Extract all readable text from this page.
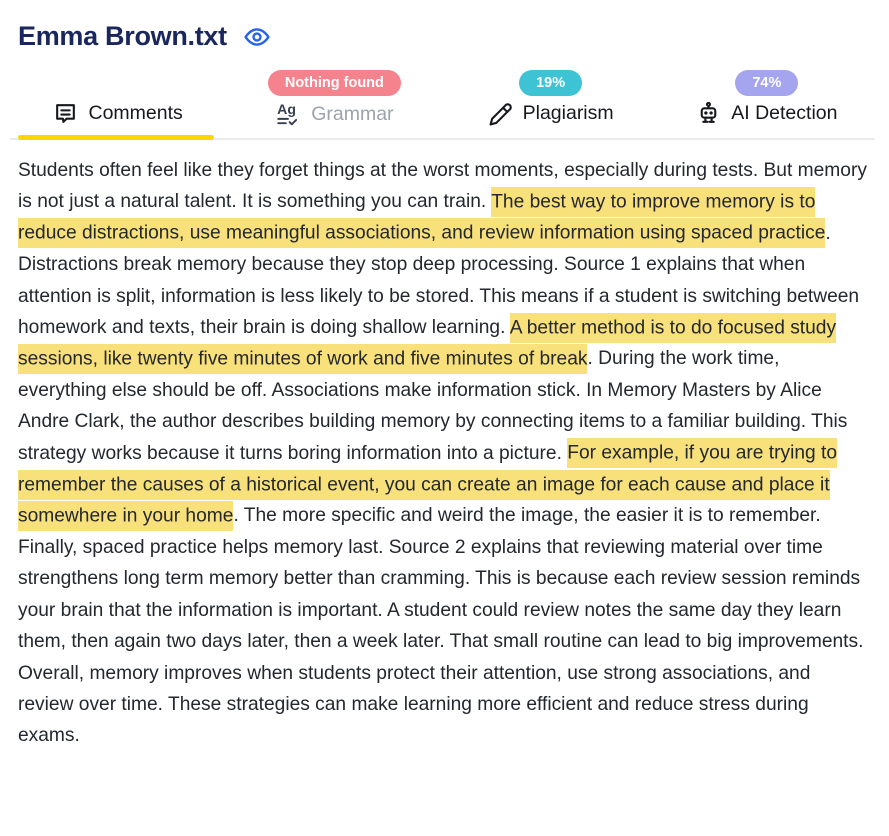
Emma Brown.txt
Comments
Nothing found
Ag Grammar
19%
Plagiarism
74%
AI Detection

Students often feel like they forget things at the worst moments, especially during tests. But memory is not just a natural talent. It is something you can train. The best way to improve memory is to reduce distractions, use meaningful associations, and review information using spaced practice. Distractions break memory because they stop deep processing. Source 1 explains that when attention is split, information is less likely to be stored. This means if a student is switching between homework and texts, their brain is doing shallow learning. A better method is to do focused study sessions, like twenty five minutes of work and five minutes of break. During the work time, everything else should be off. Associations make information stick. In Memory Masters by Alice Andre Clark, the author describes building memory by connecting items to a familiar building. This strategy works because it turns boring information into a picture. For example, if you are trying to remember the causes of a historical event, you can create an image for each cause and place it somewhere in your home. The more specific and weird the image, the easier it is to remember. Finally, spaced practice helps memory last. Source 2 explains that reviewing material over time strengthens long term memory better than cramming. This is because each review session reminds your brain that the information is important. A student could review notes the same day they learn them, then again two days later, then a week later. That small routine can lead to big improvements. Overall, memory improves when students protect their attention, use strong associations, and review over time. These strategies can make learning more efficient and reduce stress during exams.
